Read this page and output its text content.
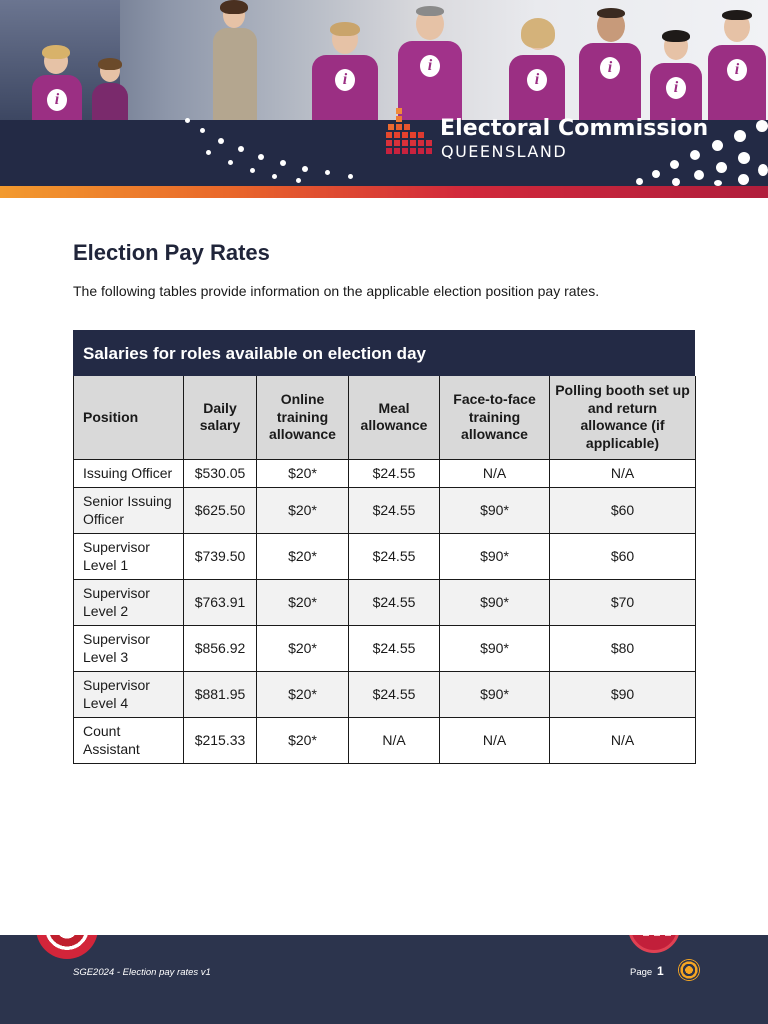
i
i
i
i
i
i
i
Electoral Commission
QUEENSLAND
Election Pay Rates

The following tables provide information on the applicable election position pay rates.

Salaries for roles available on election day
Position	Daily salary	Online training allowance	Meal allowance	Face-to-face training allowance	Polling booth set up and return allowance (if applicable)
Issuing Officer	$530.05	$20*	$24.55	N/A	N/A
Senior Issuing Officer	$625.50	$20*	$24.55	$90*	$60
Supervisor Level 1	$739.50	$20*	$24.55	$90*	$60
Supervisor Level 2	$763.91	$20*	$24.55	$90*	$70
Supervisor Level 3	$856.92	$20*	$24.55	$90*	$80
Supervisor Level 4	$881.95	$20*	$24.55	$90*	$90
Count Assistant	$215.33	$20*	N/A	N/A	N/A
SGE2024 - Election pay rates v1	Page 1
